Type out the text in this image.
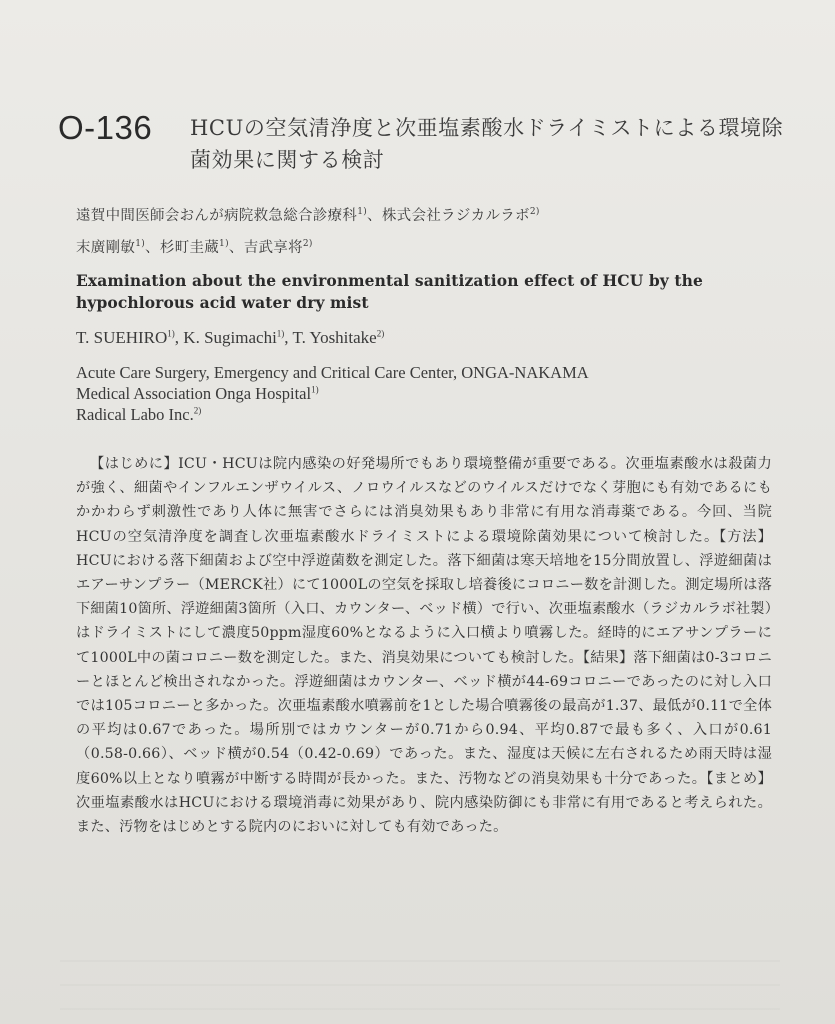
O-136 HCUの空気清浄度と次亜塩素酸水ドライミストによる環境除菌効果に関する検討
遠賀中間医師会おんが病院救急総合診療科$^{1)}$、株式会社ラジカルラボ$^{2)}$
末廣剛敏$^{1)}$、杉町圭蔵$^{1)}$、吉武享将$^{2)}$
Examination about the environmental sanitization effect of HCU by the hypochlorous acid water dry mist
T. SUEHIRO$^{1)}$, K. Sugimachi$^{1)}$, T. Yoshitake$^{2)}$
Acute Care Surgery, Emergency and Critical Care Center, ONGA-NAKAMA
Medical Association Onga Hospital$^{1)}$
Radical Labo Inc.$^{2)}$

【はじめに】ICU・HCUは院内感染の好発場所でもあり環境整備が重要である。次亜塩素酸水は殺菌力が強く、細菌やインフルエンザウイルス、ノロウイルスなどのウイルスだけでなく芽胞にも有効であるにもかかわらず刺激性であり人体に無害でさらには消臭効果もあり非常に有用な消毒薬である。今回、当院HCUの空気清浄度を調査し次亜塩素酸水ドライミストによる環境除菌効果について検討した。【方法】HCUにおける落下細菌および空中浮遊菌数を測定した。落下細菌は寒天培地を15分間放置し、浮遊細菌はエアーサンプラー（MERCK社）にて1000Lの空気を採取し培養後にコロニー数を計測した。測定場所は落下細菌10箇所、浮遊細菌3箇所（入口、カウンター、ベッド横）で行い、次亜塩素酸水（ラジカルラボ社製）はドライミストにして濃度50ppm湿度60%となるように入口横より噴霧した。経時的にエアサンプラーにて1000L中の菌コロニー数を測定した。また、消臭効果についても検討した。【結果】落下細菌は0-3コロニーとほとんど検出されなかった。浮遊細菌はカウンター、ベッド横が44-69コロニーであったのに対し入口では105コロニーと多かった。次亜塩素酸水噴霧前を1とした場合噴霧後の最高が1.37、最低が0.11で全体の平均は0.67であった。場所別ではカウンターが0.71から0.94、平均0.87で最も多く、入口が0.61（0.58-0.66）、ベッド横が0.54（0.42-0.69）であった。また、湿度は天候に左右されるため雨天時は湿度60%以上となり噴霧が中断する時間が長かった。また、汚物などの消臭効果も十分であった。【まとめ】次亜塩素酸水はHCUにおける環境消毒に効果があり、院内感染防御にも非常に有用であると考えられた。また、汚物をはじめとする院内のにおいに対しても有効であった。
